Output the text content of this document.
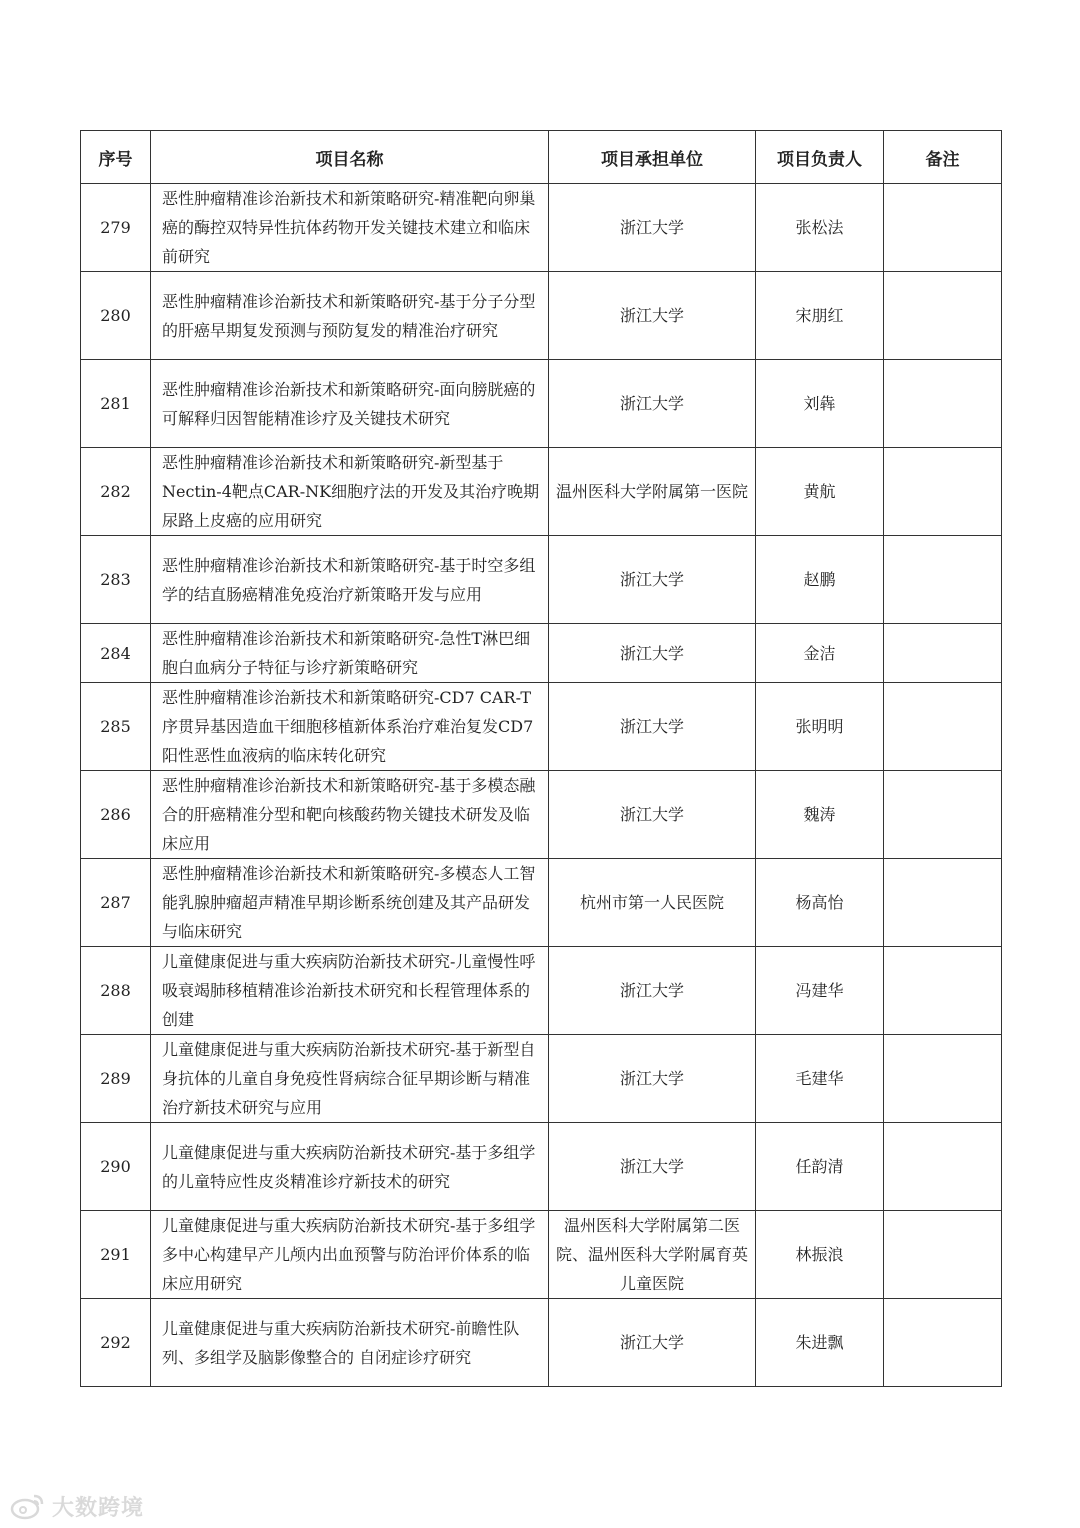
序号	项目名称	项目承担单位	项目负责人	备注
279	恶性肿瘤精准诊治新技术和新策略研究-精准靶向卵巢癌的酶控双特异性抗体药物开发关键技术建立和临床前研究	浙江大学	张松法	
280	恶性肿瘤精准诊治新技术和新策略研究-基于分子分型的肝癌早期复发预测与预防复发的精准治疗研究	浙江大学	宋朋红	
281	恶性肿瘤精准诊治新技术和新策略研究-面向膀胱癌的可解释归因智能精准诊疗及关键技术研究	浙江大学	刘犇	
282	恶性肿瘤精准诊治新技术和新策略研究-新型基于Nectin-4靶点CAR-NK细胞疗法的开发及其治疗晚期尿路上皮癌的应用研究	温州医科大学附属第一医院	黄航	
283	恶性肿瘤精准诊治新技术和新策略研究-基于时空多组学的结直肠癌精准免疫治疗新策略开发与应用	浙江大学	赵鹏	
284	恶性肿瘤精准诊治新技术和新策略研究-急性T淋巴细胞白血病分子特征与诊疗新策略研究	浙江大学	金洁	
285	恶性肿瘤精准诊治新技术和新策略研究-CD7 CAR-T序贯异基因造血干细胞移植新体系治疗难治复发CD7阳性恶性血液病的临床转化研究	浙江大学	张明明	
286	恶性肿瘤精准诊治新技术和新策略研究-基于多模态融合的肝癌精准分型和靶向核酸药物关键技术研发及临床应用	浙江大学	魏涛	
287	恶性肿瘤精准诊治新技术和新策略研究-多模态人工智能乳腺肿瘤超声精准早期诊断系统创建及其产品研发与临床研究	杭州市第一人民医院	杨高怡	
288	儿童健康促进与重大疾病防治新技术研究-儿童慢性呼吸衰竭肺移植精准诊治新技术研究和长程管理体系的创建	浙江大学	冯建华	
289	儿童健康促进与重大疾病防治新技术研究-基于新型自身抗体的儿童自身免疫性肾病综合征早期诊断与精准治疗新技术研究与应用	浙江大学	毛建华	
290	儿童健康促进与重大疾病防治新技术研究-基于多组学的儿童特应性皮炎精准诊疗新技术的研究	浙江大学	任韵清	
291	儿童健康促进与重大疾病防治新技术研究-基于多组学多中心构建早产儿颅内出血预警与防治评价体系的临床应用研究	温州医科大学附属第二医院、温州医科大学附属育英儿童医院	林振浪	
292	儿童健康促进与重大疾病防治新技术研究-前瞻性队列、多组学及脑影像整合的 自闭症诊疗研究	浙江大学	朱进飘	
大数跨境
